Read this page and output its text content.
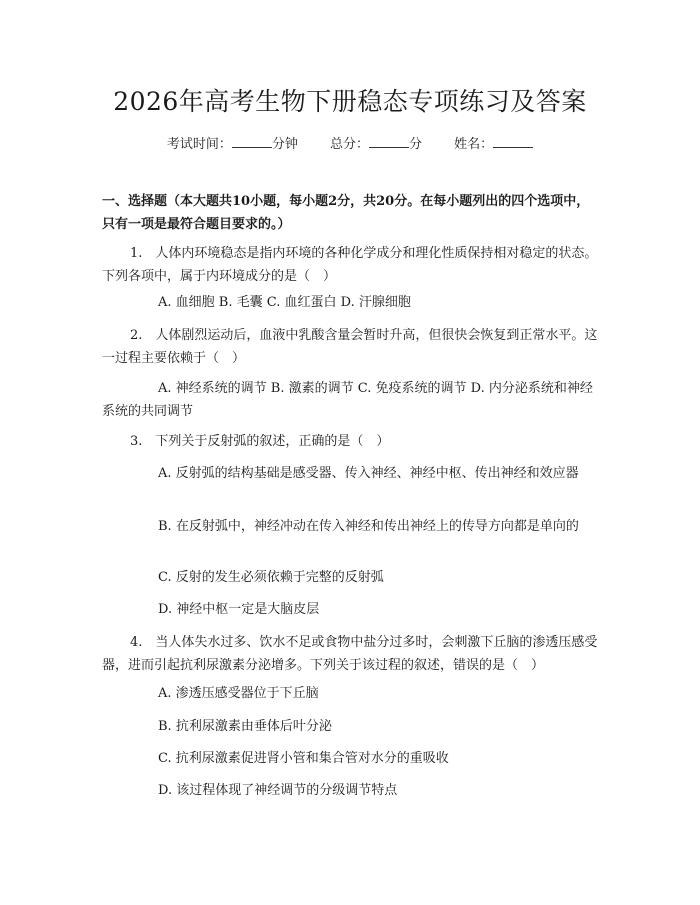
2026年高考生物下册稳态专项练习及答案
考试时间：	分钟 总分：	分 姓名：
一、选择题（本大题共10小题，每小题2分，共20分。在每小题列出的四个选项中，只有一项是最符合题目要求的。）

1.　人体内环境稳态是指内环境的各种化学成分和理化性质保持相对稳定的状态。下列各项中，属于内环境成分的是（　）

A. 血细胞 B. 毛囊 C. 血红蛋白 D. 汗腺细胞

2.　人体剧烈运动后，血液中乳酸含量会暂时升高，但很快会恢复到正常水平。这一过程主要依赖于（　）

A. 神经系统的调节 B. 激素的调节 C. 免疫系统的调节 D. 内分泌系统和神经系统的共同调节

3.　下列关于反射弧的叙述，正确的是（　）

A. 反射弧的结构基础是感受器、传入神经、神经中枢、传出神经和效应器

B. 在反射弧中，神经冲动在传入神经和传出神经上的传导方向都是单向的

C. 反射的发生必须依赖于完整的反射弧

D. 神经中枢一定是大脑皮层

4.　当人体失水过多、饮水不足或食物中盐分过多时，会刺激下丘脑的渗透压感受器，进而引起抗利尿激素分泌增多。下列关于该过程的叙述，错误的是（　）

A. 渗透压感受器位于下丘脑

B. 抗利尿激素由垂体后叶分泌

C. 抗利尿激素促进肾小管和集合管对水分的重吸收

D. 该过程体现了神经调节的分级调节特点
